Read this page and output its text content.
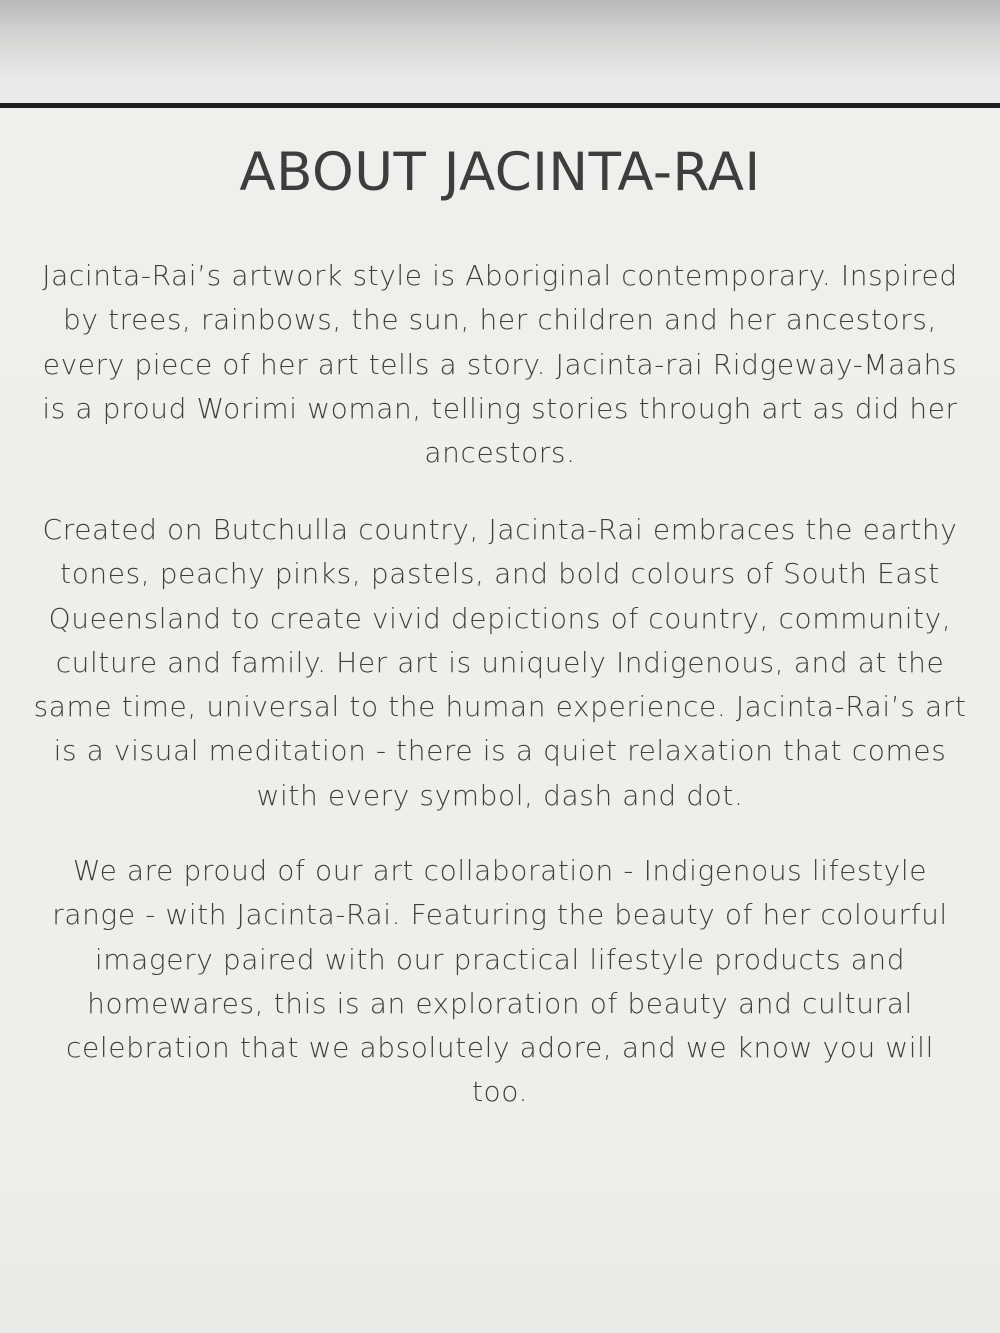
ABOUT JACINTA-RAI

Jacinta-Rai’s artwork style is Aboriginal contemporary. Inspired
by trees, rainbows, the sun, her children and her ancestors,
every piece of her art tells a story. Jacinta-rai Ridgeway-Maahs
is a proud Worimi woman, telling stories through art as did her
ancestors.

Created on Butchulla country, Jacinta-Rai embraces the earthy
tones, peachy pinks, pastels, and bold colours of South East
Queensland to create vivid depictions of country, community,
culture and family. Her art is uniquely Indigenous, and at the
same time, universal to the human experience. Jacinta-Rai’s art
is a visual meditation - there is a quiet relaxation that comes
with every symbol, dash and dot.

We are proud of our art collaboration - Indigenous lifestyle
range - with Jacinta-Rai. Featuring the beauty of her colourful
imagery paired with our practical lifestyle products and
homewares, this is an exploration of beauty and cultural
celebration that we absolutely adore, and we know you will
too.
